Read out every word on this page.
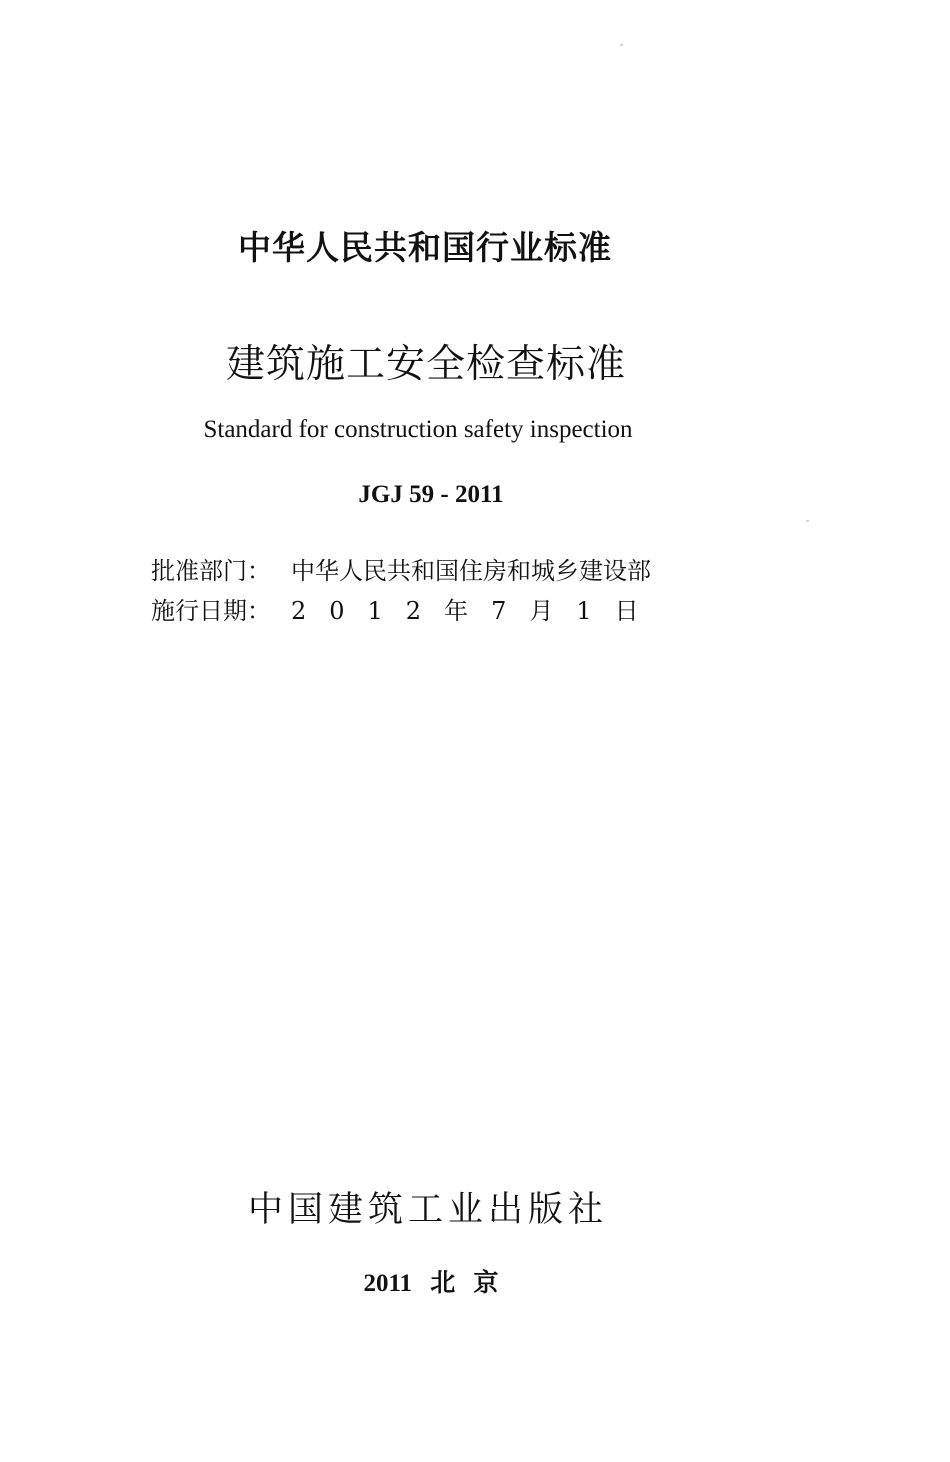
中华人民共和国行业标准
建筑施工安全检查标准
Standard for construction safety inspection
JGJ 59 - 2011
批准部门： 中华人民共和国住房和城乡建设部
施行日期： 2012年7月1日
中国建筑工业出版社
2011 北 京
